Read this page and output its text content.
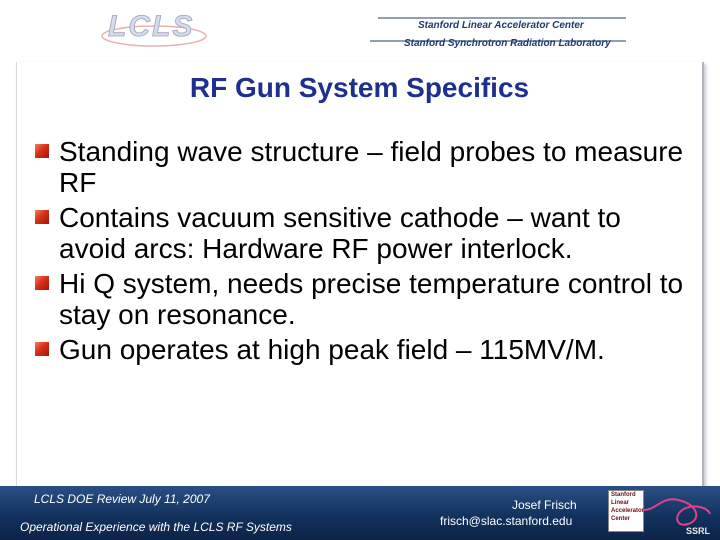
LCLS	Stanford Linear Accelerator Center
Stanford Synchrotron Radiation Laboratory
RF Gun System Specifics
Standing wave structure – field probes to measure RF
Contains vacuum sensitive cathode – want to avoid arcs: Hardware RF power interlock.
Hi Q system, needs precise temperature control to stay on resonance.
Gun operates at high peak field – 115MV/M.
LCLS DOE Review July 11, 2007
Operational Experience with the LCLS RF Systems
Josef Frisch
frisch@slac.stanford.edu
Stanford
Linear
Accelerator
Center
SSRL
